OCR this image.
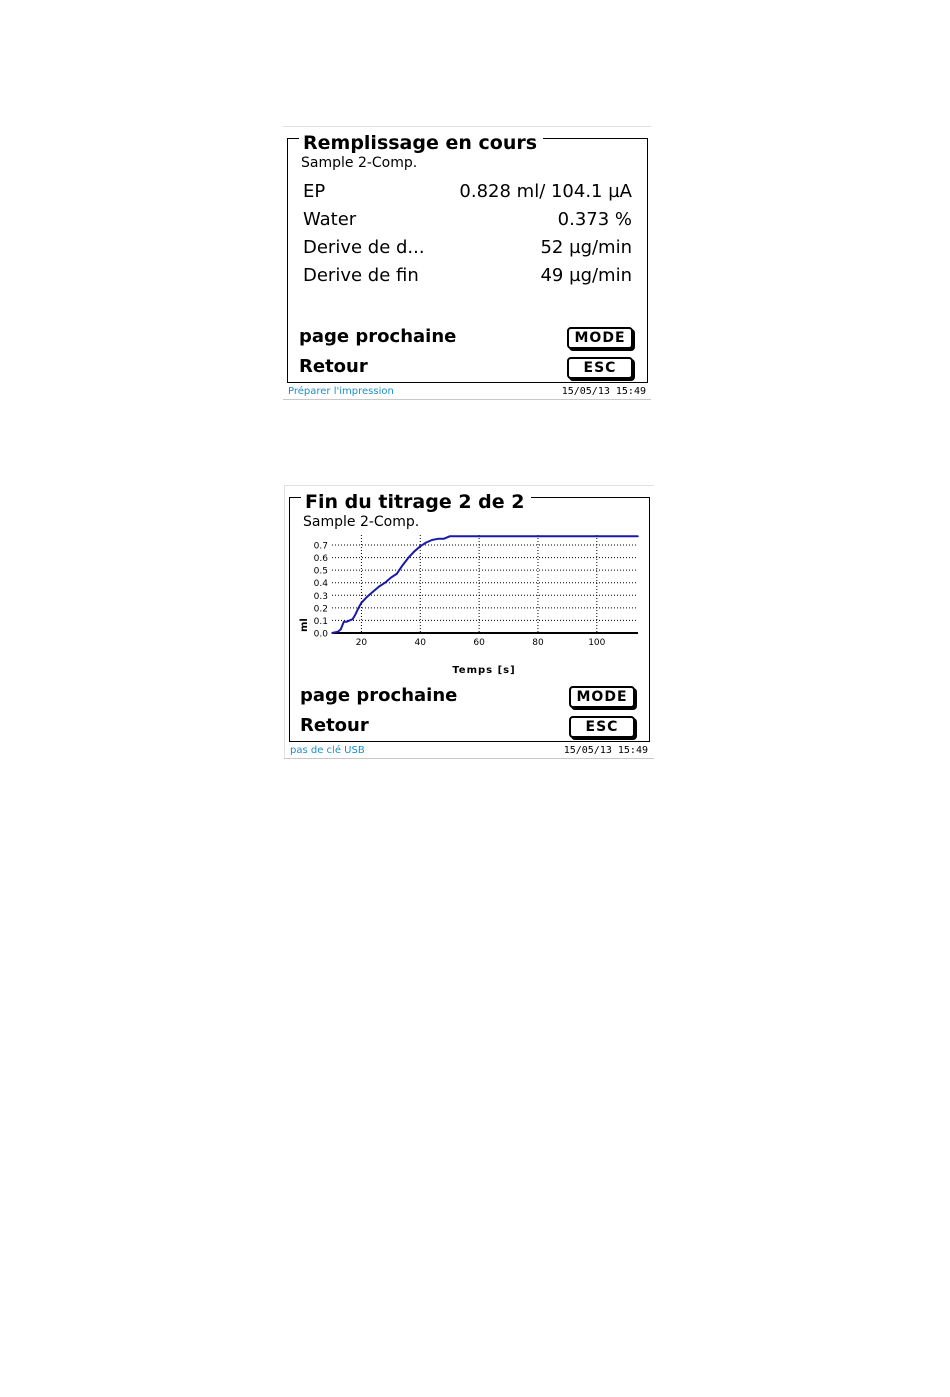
Remplissage en cours
Sample 2-Comp.
EP	0.828 ml/ 104.1 µA
Water	0.373 %
Derive de d...	52 µg/min
Derive de fin	49 µg/min
page prochaine	MODE
Retour	ESC
Préparer l'impression	15/05/13 15:49
Fin du titrage 2 de 2
Sample 2-Comp.
ml
Temps [s]
0.0
0.1
0.2
0.3
0.4
0.5
0.6
0.7
20	40	60	80	100
page prochaine	MODE
Retour	ESC
pas de clé USB	15/05/13 15:49
